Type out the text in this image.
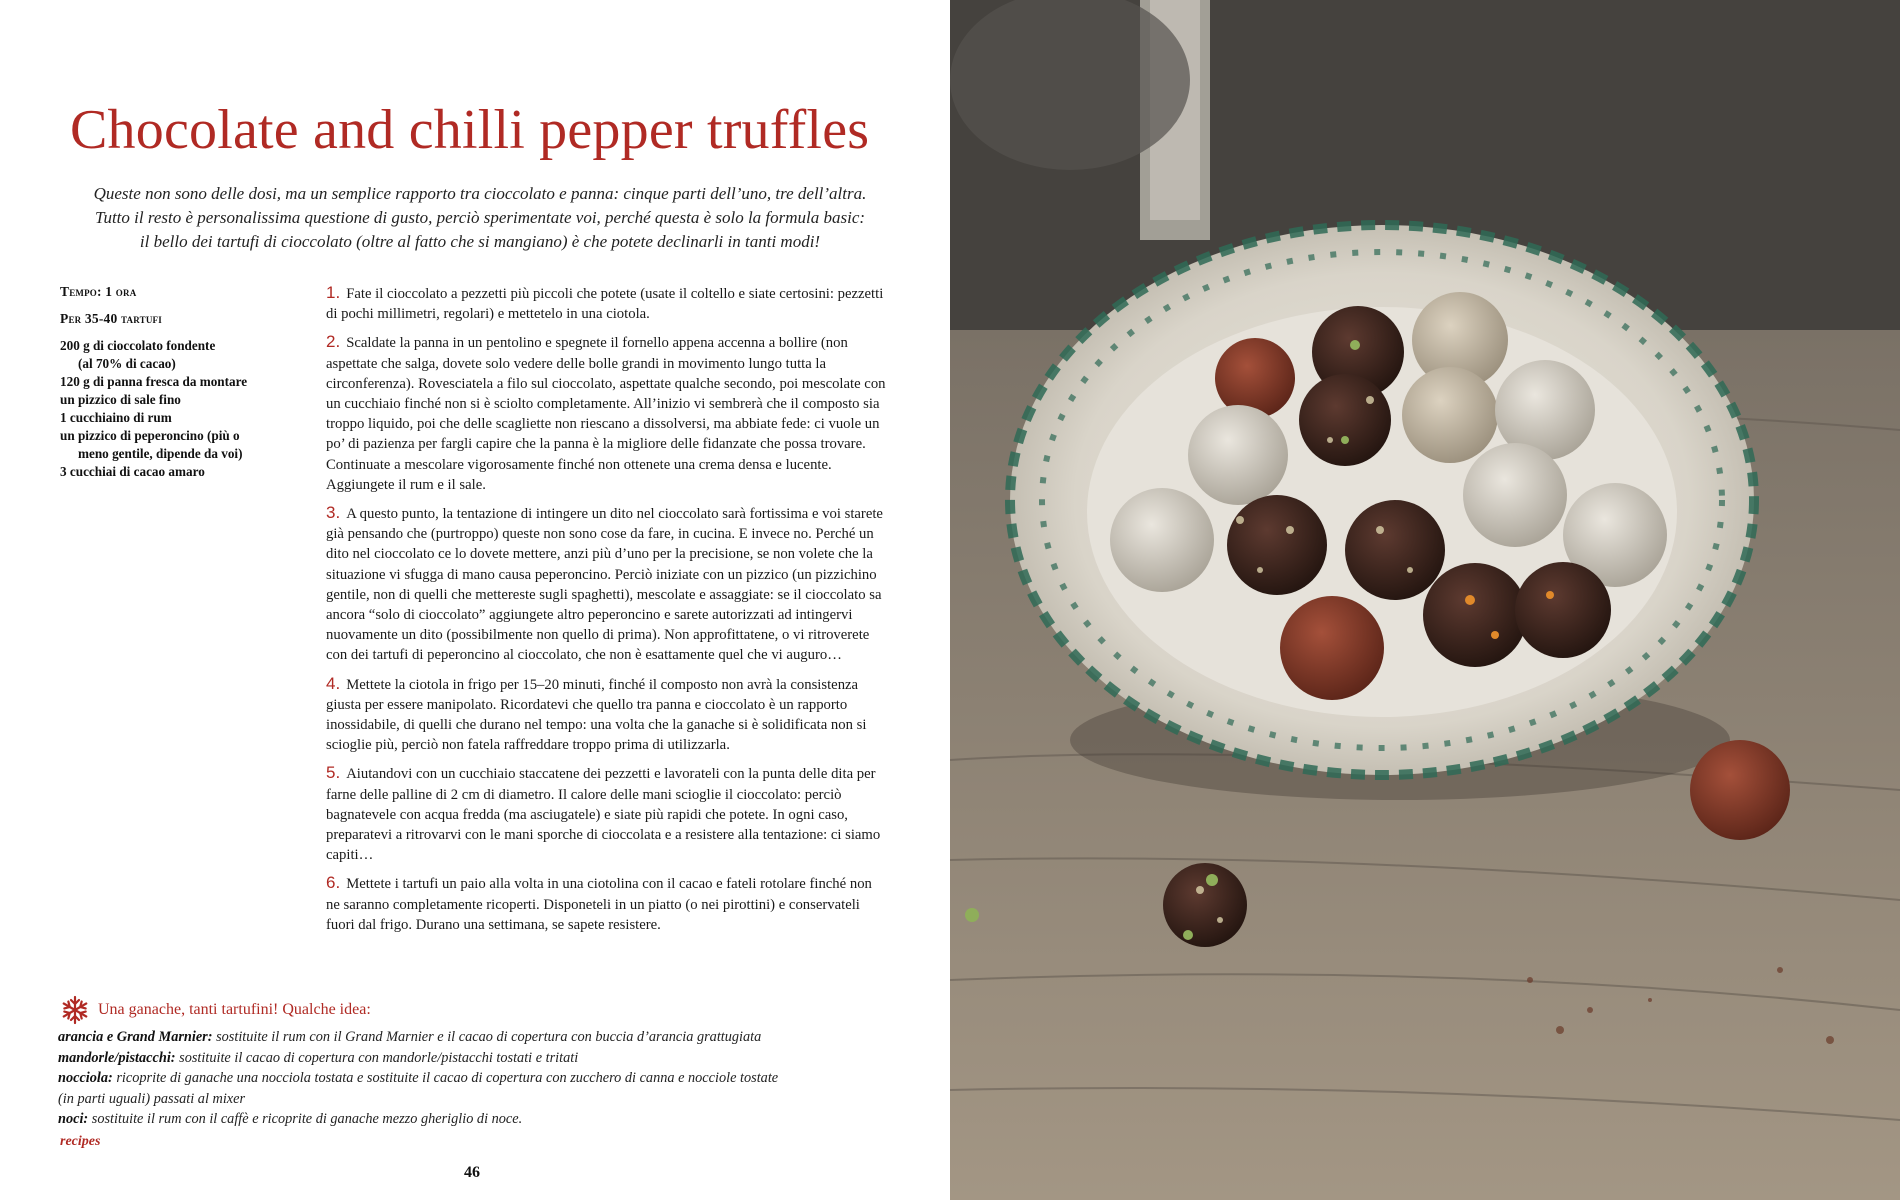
Chocolate and chilli pepper truffles
Queste non sono delle dosi, ma un semplice rapporto tra cioccolato e panna: cinque parti dell’uno, tre dell’altra.
Tutto il resto è personalissima questione di gusto, perciò sperimentate voi, perché questa è solo la formula basic:
il bello dei tartufi di cioccolato (oltre al fatto che si mangiano) è che potete declinarli in tanti modi!
Tempo: 1 ora
Per 35-40 tartufi
200 g di cioccolato fondente
(al 70% di cacao)
120 g di panna fresca da montare
un pizzico di sale fino
1 cucchiaino di rum
un pizzico di peperoncino (più o
meno gentile, dipende da voi)
3 cucchiai di cacao amaro

1. Fate il cioccolato a pezzetti più piccoli che potete (usate il coltello e siate certosini: pezzetti di pochi millimetri, regolari) e mettetelo in una ciotola.

2. Scaldate la panna in un pentolino e spegnete il fornello appena accenna a bollire (non aspettate che salga, dovete solo vedere delle bolle grandi in movimento lungo tutta la circonferenza). Rovesciatela a filo sul cioccolato, aspettate qualche secondo, poi mescolate con un cucchiaio finché non si è sciolto completamente. All’inizio vi sembrerà che il composto sia troppo liquido, poi che delle scagliette non riescano a dissolversi, ma abbiate fede: ci vuole un po’ di pazienza per fargli capire che la panna è la migliore delle fidanzate che possa trovare. Continuate a mescolare vigorosamente finché non ottenete una crema densa e lucente. Aggiungete il rum e il sale.

3. A questo punto, la tentazione di intingere un dito nel cioccolato sarà fortissima e voi starete già pensando che (purtroppo) queste non sono cose da fare, in cucina. E invece no. Perché un dito nel cioccolato ce lo dovete mettere, anzi più d’uno per la precisione, se non volete che la situazione vi sfugga di mano causa peperoncino. Perciò iniziate con un pizzico (un pizzichino gentile, non di quelli che mettereste sugli spaghetti), mescolate e assaggiate: se il cioccolato sa ancora “solo di cioccolato” aggiungete altro peperoncino e sarete autorizzati ad intingervi nuovamente un dito (possibilmente non quello di prima). Non approfittatene, o vi ritroverete con dei tartufi di peperoncino al cioccolato, che non è esattamente quel che vi auguro…

4. Mettete la ciotola in frigo per 15–20 minuti, finché il composto non avrà la consistenza giusta per essere manipolato. Ricordatevi che quello tra panna e cioccolato è un rapporto inossidabile, di quelli che durano nel tempo: una volta che la ganache si è solidificata non si scioglie più, perciò non fatela raffreddare troppo prima di utilizzarla.

5. Aiutandovi con un cucchiaio staccatene dei pezzetti e lavorateli con la punta delle dita per farne delle palline di 2 cm di diametro. Il calore delle mani scioglie il cioccolato: perciò bagnatevele con acqua fredda (ma asciugatele) e siate più rapidi che potete. In ogni caso, preparatevi a ritrovarvi con le mani sporche di cioccolata e a resistere alla tentazione: ci siamo capiti…

6. Mettete i tartufi un paio alla volta in una ciotolina con il cacao e fateli rotolare finché non ne saranno completamente ricoperti. Disponeteli in un piatto (o nei pirottini) e conservateli fuori dal frigo. Durano una settimana, se sapete resistere.

Una ganache, tanti tartufini! Qualche idea:
arancia e Grand Marnier: sostituite il rum con il Grand Marnier e il cacao di copertura con buccia d’arancia grattugiata
mandorle/pistacchi: sostituite il cacao di copertura con mandorle/pistacchi tostati e tritati
nocciola: ricoprite di ganache una nocciola tostata e sostituite il cacao di copertura con zucchero di canna e nocciole tostate
(in parti uguali) passati al mixer
noci: sostituite il rum con il caffè e ricoprite di ganache mezzo gheriglio di noce.
recipes
46
